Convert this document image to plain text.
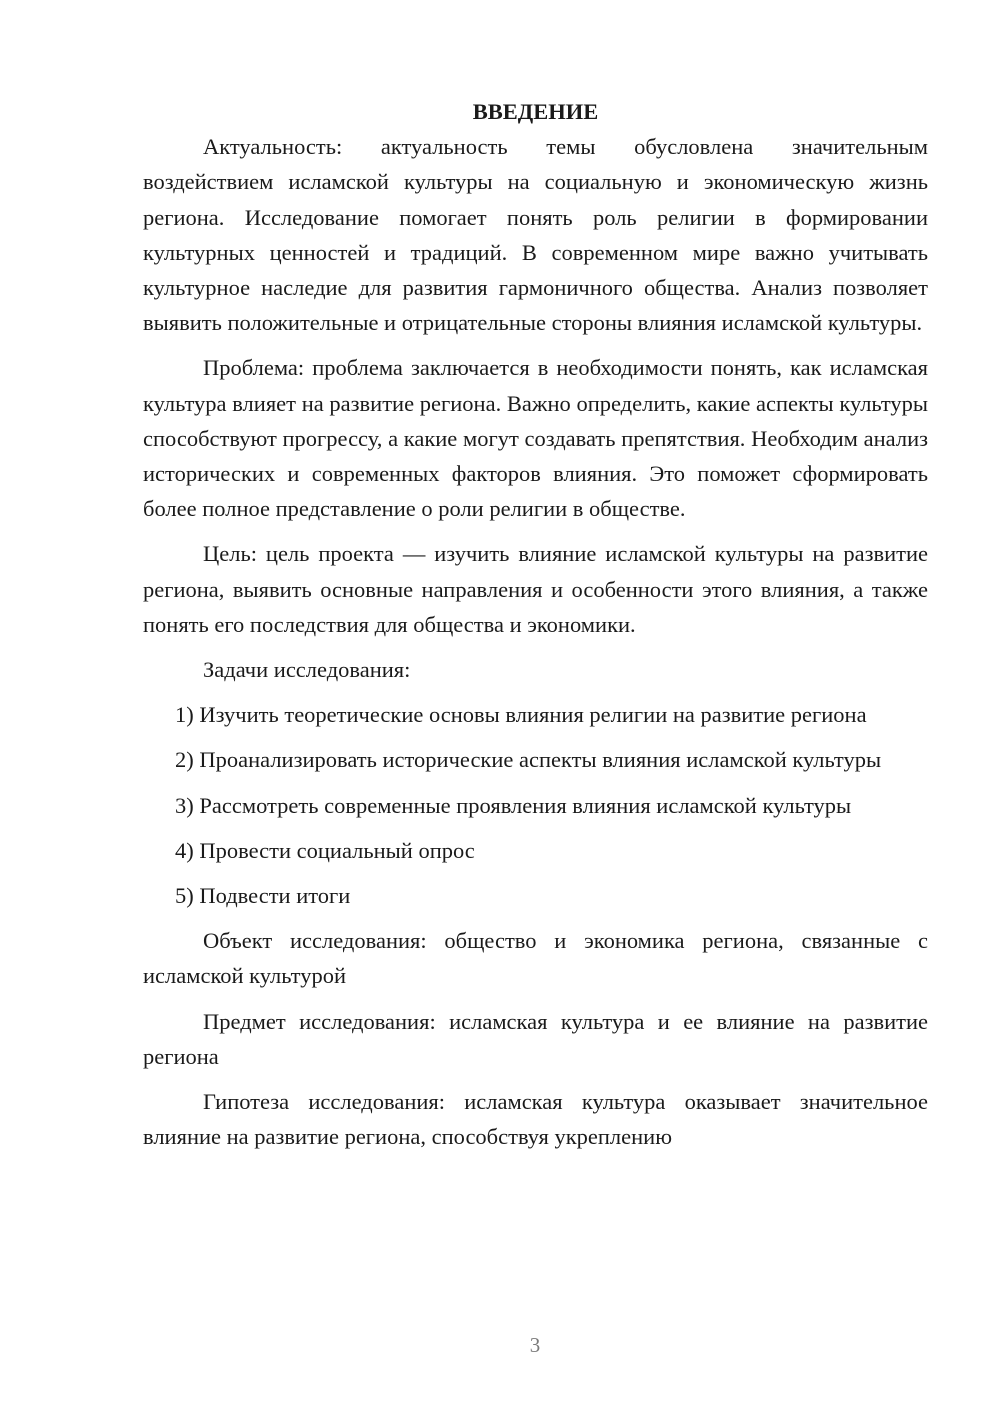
ВВЕДЕНИЕ

Актуальность: актуальность темы обусловлена значительным воздействием исламской культуры на социальную и экономическую жизнь региона. Исследование помогает понять роль религии в формировании культурных ценностей и традиций. В современном мире важно учитывать культурное наследие для развития гармоничного общества. Анализ позволяет выявить положительные и отрицательные стороны влияния исламской культуры.

Проблема: проблема заключается в необходимости понять, как исламская культура влияет на развитие региона. Важно определить, какие аспекты культуры способствуют прогрессу, а какие могут создавать препятствия. Необходим анализ исторических и современных факторов влияния. Это поможет сформировать более полное представление о роли религии в обществе.

Цель: цель проекта — изучить влияние исламской культуры на развитие региона, выявить основные направления и особенности этого влияния, а также понять его последствия для общества и экономики.

Задачи исследования:

1) Изучить теоретические основы влияния религии на развитие региона

2) Проанализировать исторические аспекты влияния исламской культуры

3) Рассмотреть современные проявления влияния исламской культуры

4) Провести социальный опрос

5) Подвести итоги

Объект исследования: общество и экономика региона, связанные с исламской культурой

Предмет исследования: исламская культура и ее влияние на развитие региона

Гипотеза исследования: исламская культура оказывает значительное влияние на развитие региона, способствуя укреплению

3
